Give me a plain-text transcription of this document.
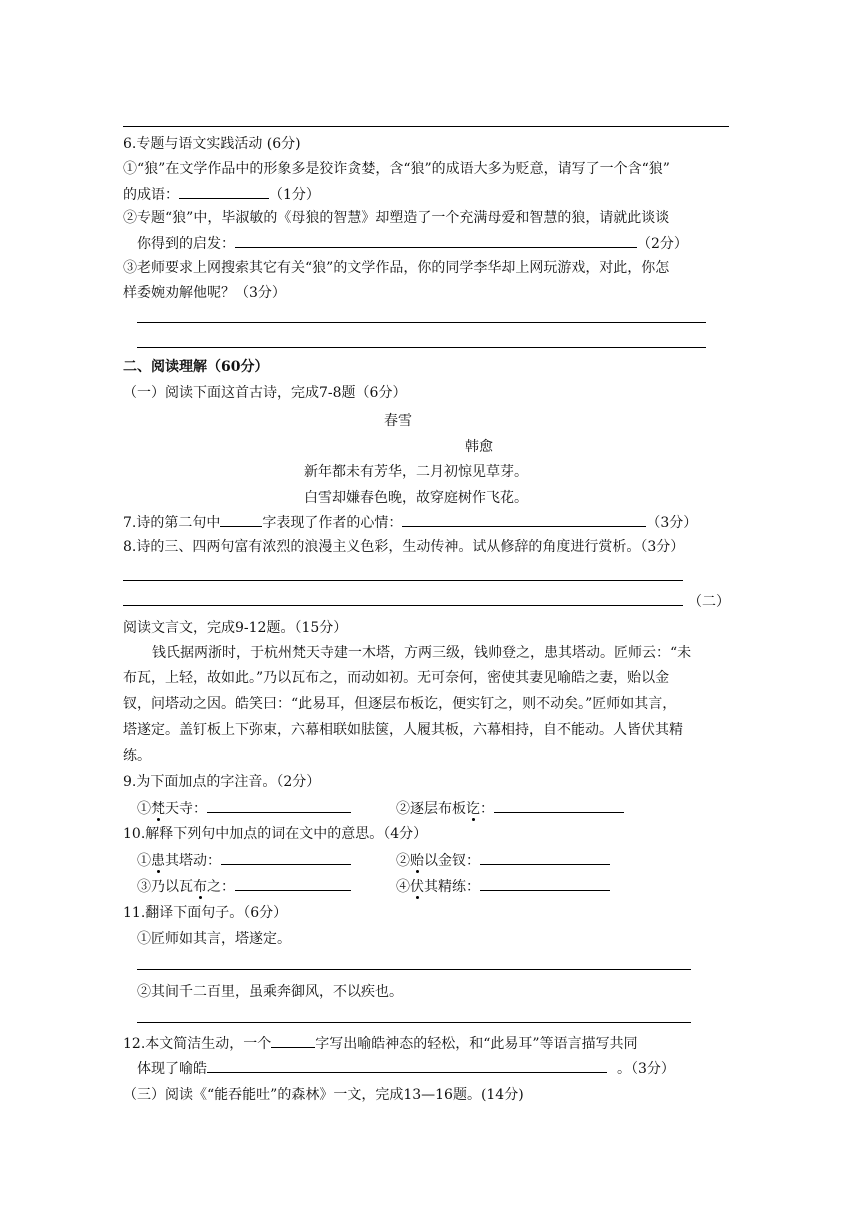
6.专题与语文实践活动 (6分)
①“狼”在文学作品中的形象多是狡诈贪婪，含“狼”的成语大多为贬意，请写了一个含“狼”
的成语：	（1分）
②专题“狼”中，毕淑敏的《母狼的智慧》却塑造了一个充满母爱和智慧的狼，请就此谈谈
你得到的启发：	（2分）
③老师要求上网搜索其它有关“狼”的文学作品，你的同学李华却上网玩游戏，对此，你怎
样委婉劝解他呢？（3分）
二、阅读理解（60分）
（一）阅读下面这首古诗，完成7-8题（6分）
春雪
韩愈
新年都未有芳华，二月初惊见草芽。
白雪却嫌春色晚，故穿庭树作飞花。
7.诗的第二句中	字表现了作者的心情：	（3分）
8.诗的三、四两句富有浓烈的浪漫主义色彩，生动传神。试从修辞的角度进行赏析。（3分）
（二）
阅读文言文，完成9-12题。（15分）
钱氏据两浙时，于杭州梵天寺建一木塔，方两三级，钱帅登之，患其塔动。匠师云：“未
布瓦，上轻，故如此。”乃以瓦布之，而动如初。无可奈何，密使其妻见喻皓之妻，贻以金
钗，问塔动之因。皓笑曰：“此易耳，但逐层布板讫，便实钉之，则不动矣。”匠师如其言，
塔遂定。盖钉板上下弥束，六幕相联如胠箧，人履其板，六幕相持，自不能动。人皆伏其精
练。
9.为下面加点的字注音。（2分）
①梵天寺：	②逐层布板讫：
10.解释下列句中加点的词在文中的意思。（4分）
①患其塔动：	②贻以金钗：
③乃以瓦布之：	④伏其精练：
11.翻译下面句子。（6分）
①匠师如其言，塔遂定。
②其间千二百里，虽乘奔御风，不以疾也。
12.本文简洁生动，一个	字写出喻皓神态的轻松，和“此易耳”等语言描写共同
体现了喻皓	。（3分）
（三）阅读《“能吞能吐”的森林》一文，完成13—16题。(14分)
